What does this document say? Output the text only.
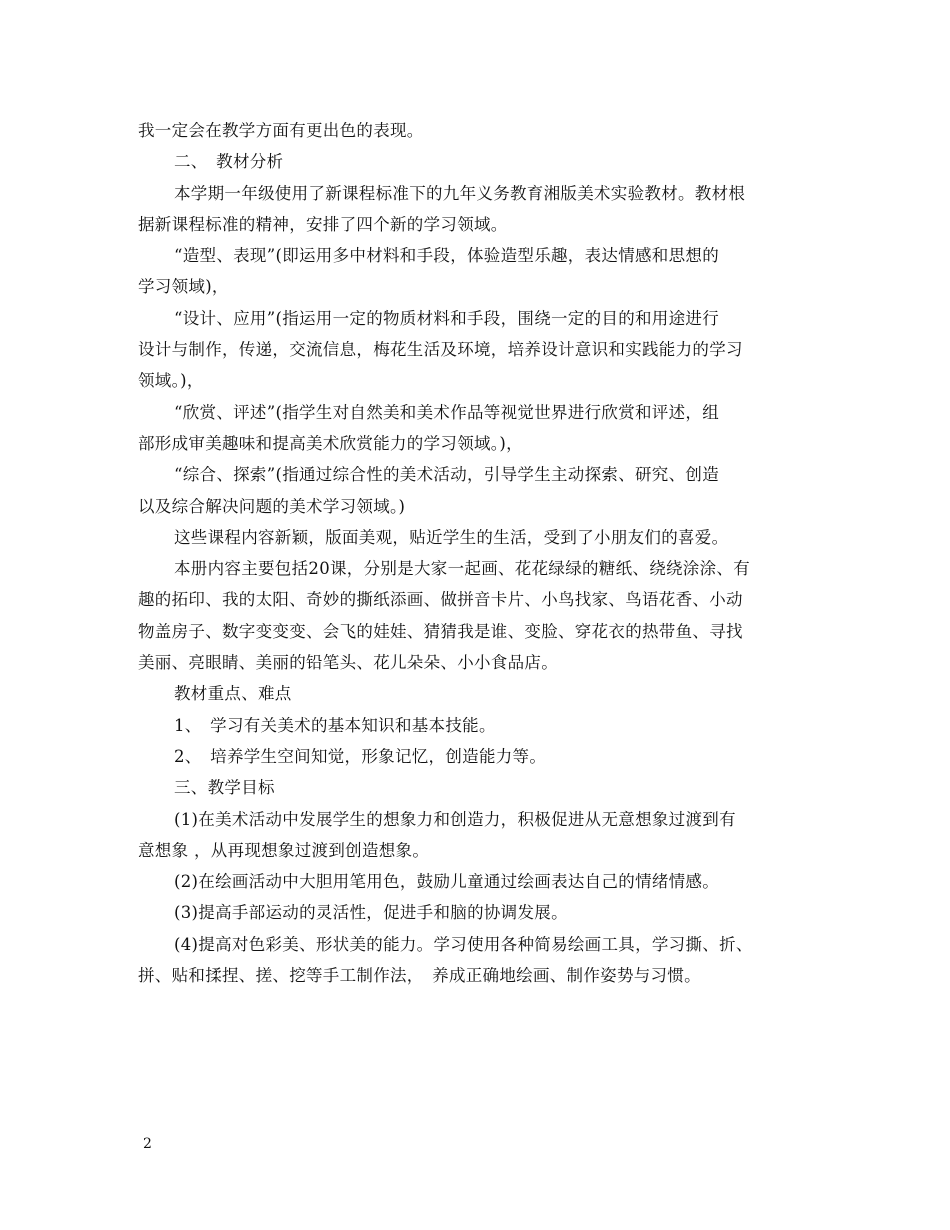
我一定会在教学方面有更出色的表现。
二、　教材分析
本学期一年级使用了新课程标准下的九年义务教育湘版美术实验教材。教材根
据新课程标准的精神，安排了四个新的学习领域。
“造型、表现”(即运用多中材料和手段，体验造型乐趣，表达情感和思想的
学习领域)，
“设计、应用”(指运用一定的物质材料和手段，围绕一定的目的和用途进行
设计与制作，传递，交流信息，梅花生活及环境，培养设计意识和实践能力的学习
领域。)，
“欣赏、评述”(指学生对自然美和美术作品等视觉世界进行欣赏和评述，组
部形成审美趣味和提高美术欣赏能力的学习领域。)，
“综合、探索”(指通过综合性的美术活动，引导学生主动探索、研究、创造
以及综合解决问题的美术学习领域。)
这些课程内容新颖，版面美观，贴近学生的生活，受到了小朋友们的喜爱。
本册内容主要包括20课，分别是大家一起画、花花绿绿的糖纸、绕绕涂涂、有
趣的拓印、我的太阳、奇妙的撕纸添画、做拼音卡片、小鸟找家、鸟语花香、小动
物盖房子、数字变变变、会飞的娃娃、猜猜我是谁、变脸、穿花衣的热带鱼、寻找
美丽、亮眼睛、美丽的铅笔头、花儿朵朵、小小食品店。
教材重点、难点
1、　学习有关美术的基本知识和基本技能。
2、　培养学生空间知觉，形象记忆，创造能力等。
三、教学目标
(1)在美术活动中发展学生的想象力和创造力，积极促进从无意想象过渡到有
意想象 ，从再现想象过渡到创造想象。
(2)在绘画活动中大胆用笔用色，鼓励儿童通过绘画表达自己的情绪情感。
(3)提高手部运动的灵活性，促进手和脑的协调发展。
(4)提高对色彩美、形状美的能力。学习使用各种简易绘画工具，学习撕、折、
拼、贴和揉捏、搓、挖等手工制作法，　养成正确地绘画、制作姿势与习惯。
2
